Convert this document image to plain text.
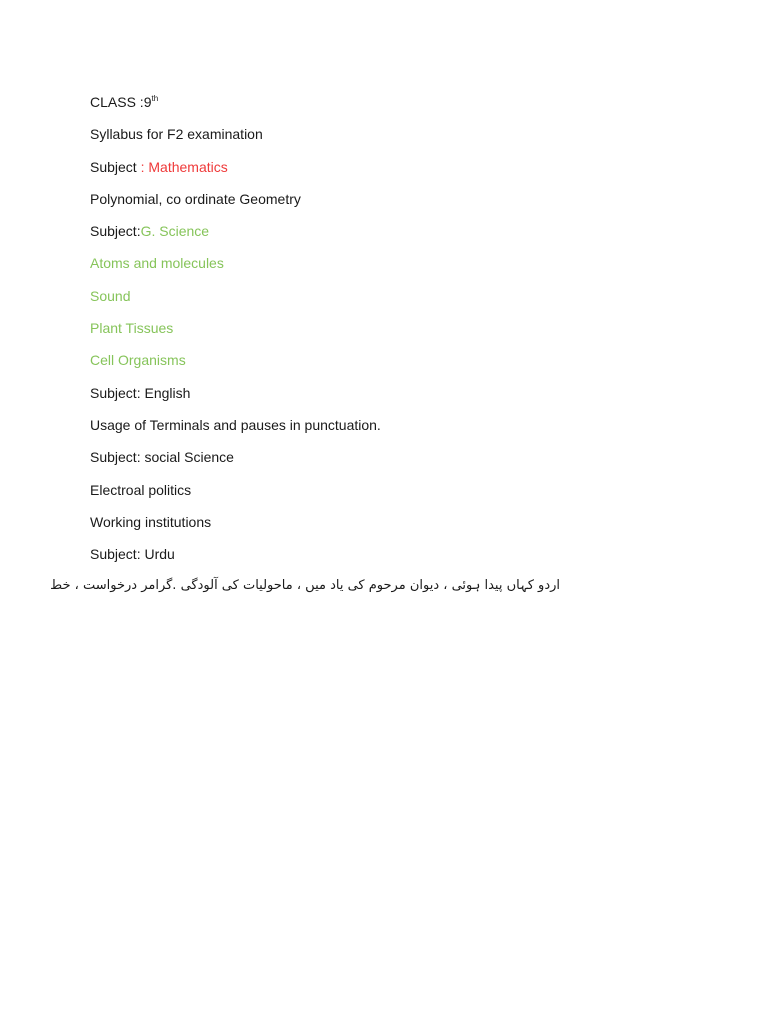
CLASS :9th
Syllabus for F2 examination
Subject : Mathematics
Polynomial, co ordinate Geometry
Subject:G. Science
Atoms and molecules
Sound
Plant Tissues
Cell Organisms
Subject: English
Usage of Terminals and pauses in punctuation.
Subject: social Science
Electroal politics
Working institutions
Subject: Urdu
اردو کہاں پیدا ہوئی ، دیوان مرحوم کی یاد میں ، ماحولیات کی آلودگی .گرامر درخواست ، خط
